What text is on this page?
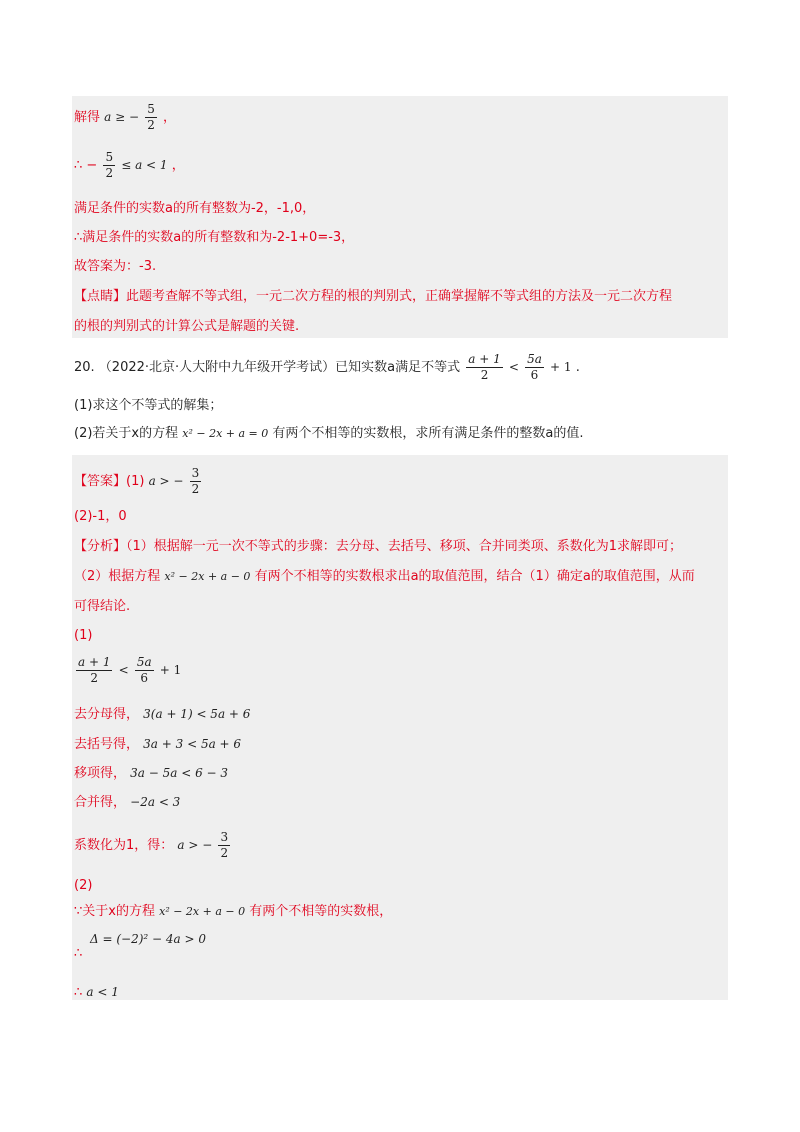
解得 a ≥ − $\frac{5}{2}$ ，
∴ − $\frac{5}{2} \le a < 1$ ，
满足条件的实数a的所有整数为-2，-1,0，
∴满足条件的实数a的所有整数和为-2-1+0=-3，
故答案为：-3.
【点睛】此题考查解不等式组，一元二次方程的根的判别式，正确掌握解不等式组的方法及一元二次方程
的根的判别式的计算公式是解题的关键.
20. （2022·北京·人大附中九年级开学考试）已知实数a满足不等式 $\frac{a + 1}{2} < \frac{5a}{6} + 1$ .
(1)求这个不等式的解集；
(2)若关于x的方程 x² − 2x + a = 0 有两个不相等的实数根，求所有满足条件的整数a的值.
【答案】(1) a > − $\frac{3}{2}$
(2)-1，0
【分析】（1）根据解一元一次不等式的步骤：去分母、去括号、移项、合并同类项、系数化为1求解即可；
（2）根据方程 x² − 2x + a − 0 有两个不相等的实数根求出a的取值范围，结合（1）确定a的取值范围，从而
可得结论.
(1)
$\frac{a + 1}{2} < \frac{5a}{6} + 1$
去分母得， 3(a + 1) < 5a + 6
去括号得， 3a + 3 < 5a + 6
移项得， 3a − 5a < 6 − 3
合并得， −2a < 3
系数化为1，得： a > − $\frac{3}{2}$
(2)
∵关于x的方程 x² − 2x + a − 0 有两个不相等的实数根，
Δ = (−2)² − 4a > 0
∴
∴ a < 1
